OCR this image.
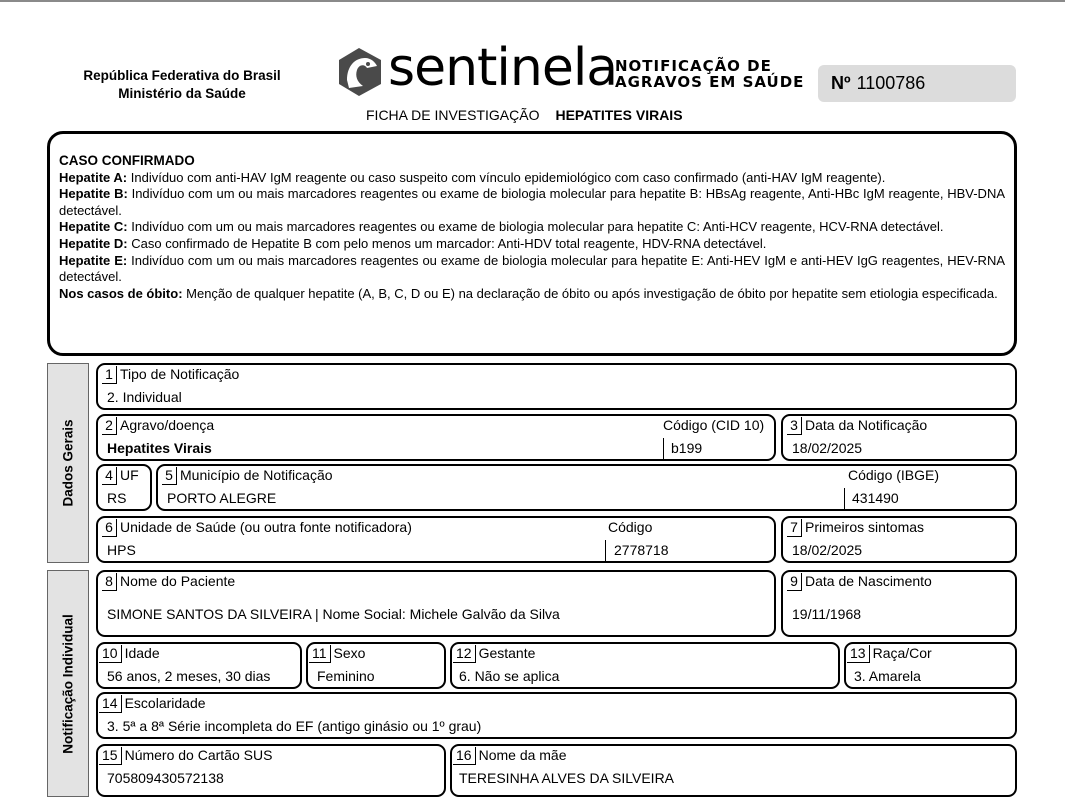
República Federativa do Brasil
Ministério da Saúde	sentinela
NOTIFICAÇÃO DE
AGRAVOS EM SAÚDE	Nº 1100786
FICHA DE INVESTIGAÇÃO HEPATITES VIRAIS
CASO CONFIRMADO
Hepatite A: Indivíduo com anti-HAV IgM reagente ou caso suspeito com vínculo epidemiológico com caso confirmado (anti-HAV IgM reagente).
Hepatite B: Indivíduo com um ou mais marcadores reagentes ou exame de biologia molecular para hepatite B: HBsAg reagente, Anti-HBc IgM reagente, HBV-DNA detectável.
Hepatite C: Indivíduo com um ou mais marcadores reagentes ou exame de biologia molecular para hepatite C: Anti-HCV reagente, HCV-RNA detectável.
Hepatite D: Caso confirmado de Hepatite B com pelo menos um marcador: Anti-HDV total reagente, HDV-RNA detectável.
Hepatite E: Indivíduo com um ou mais marcadores reagentes ou exame de biologia molecular para hepatite E: Anti-HEV IgM e anti-HEV IgG reagentes, HEV-RNA detectável.
Nos casos de óbito: Menção de qualquer hepatite (A, B, C, D ou E) na declaração de óbito ou após investigação de óbito por hepatite sem etiologia especificada.
Dados Gerais
Notificação Individual
1 Tipo de Notificação
2. Individual
2 Agravo/doença
Hepatites Virais
Código (CID 10)
b199
3 Data da Notificação
18/02/2025
4 UF
RS
5 Município de Notificação
PORTO ALEGRE
Código (IBGE)
431490
6 Unidade de Saúde (ou outra fonte notificadora)
HPS
Código
2778718
7 Primeiros sintomas
18/02/2025
8 Nome do Paciente
SIMONE SANTOS DA SILVEIRA | Nome Social: Michele Galvão da Silva
9 Data de Nascimento
19/11/1968
10 Idade
56 anos, 2 meses, 30 dias
11 Sexo
Feminino
12 Gestante
6. Não se aplica
13 Raça/Cor
3. Amarela
14 Escolaridade
3. 5ª a 8ª Série incompleta do EF (antigo ginásio ou 1º grau)
15 Número do Cartão SUS
705809430572138
16 Nome da mãe
TERESINHA ALVES DA SILVEIRA
